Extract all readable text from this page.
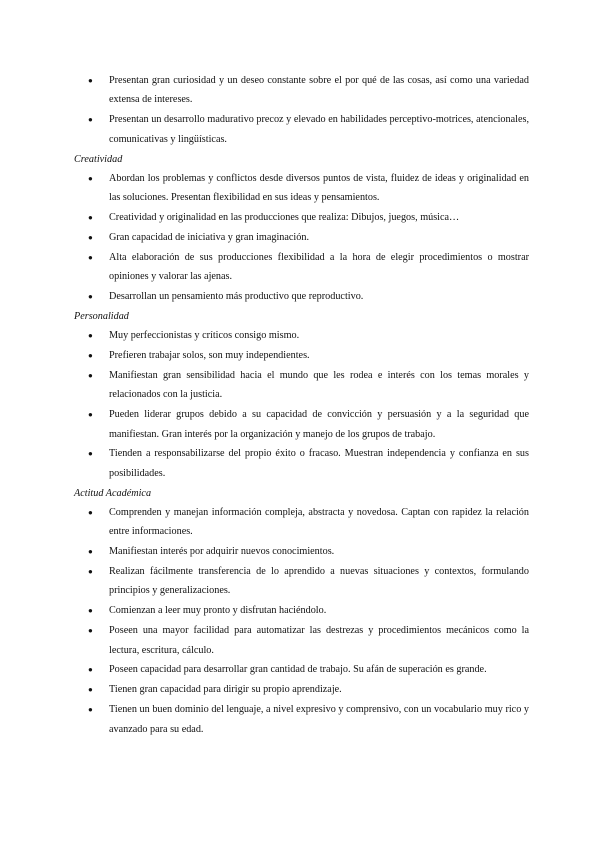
● Presentan gran curiosidad y un deseo constante sobre el por qué de las cosas, así como una variedad extensa de intereses.
● Presentan un desarrollo madurativo precoz y elevado en habilidades perceptivo-motrices, atencionales, comunicativas y lingüísticas.

Creatividad

● Abordan los problemas y conflictos desde diversos puntos de vista, fluidez de ideas y originalidad en las soluciones. Presentan flexibilidad en sus ideas y pensamientos.
● Creatividad y originalidad en las producciones que realiza: Dibujos, juegos, música…
● Gran capacidad de iniciativa y gran imaginación.
● Alta elaboración de sus producciones flexibilidad a la hora de elegir procedimientos o mostrar opiniones y valorar las ajenas.
● Desarrollan un pensamiento más productivo que reproductivo.

Personalidad

● Muy perfeccionistas y críticos consigo mismo.
● Prefieren trabajar solos, son muy independientes.
● Manifiestan gran sensibilidad hacia el mundo que les rodea e interés con los temas morales y relacionados con la justicia.
● Pueden liderar grupos debido a su capacidad de convicción y persuasión y a la seguridad que manifiestan. Gran interés por la organización y manejo de los grupos de trabajo.
● Tienden a responsabilizarse del propio éxito o fracaso. Muestran independencia y confianza en sus posibilidades.

Actitud Académica

● Comprenden y manejan información compleja, abstracta y novedosa. Captan con rapidez la relación entre informaciones.
● Manifiestan interés por adquirir nuevos conocimientos.
● Realizan fácilmente transferencia de lo aprendido a nuevas situaciones y contextos, formulando principios y generalizaciones.
● Comienzan a leer muy pronto y disfrutan haciéndolo.
● Poseen una mayor facilidad para automatizar las destrezas y procedimientos mecánicos como la lectura, escritura, cálculo.
● Poseen capacidad para desarrollar gran cantidad de trabajo. Su afán de superación es grande.
● Tienen gran capacidad para dirigir su propio aprendizaje.
● Tienen un buen dominio del lenguaje, a nivel expresivo y comprensivo, con un vocabulario muy rico y avanzado para su edad.
